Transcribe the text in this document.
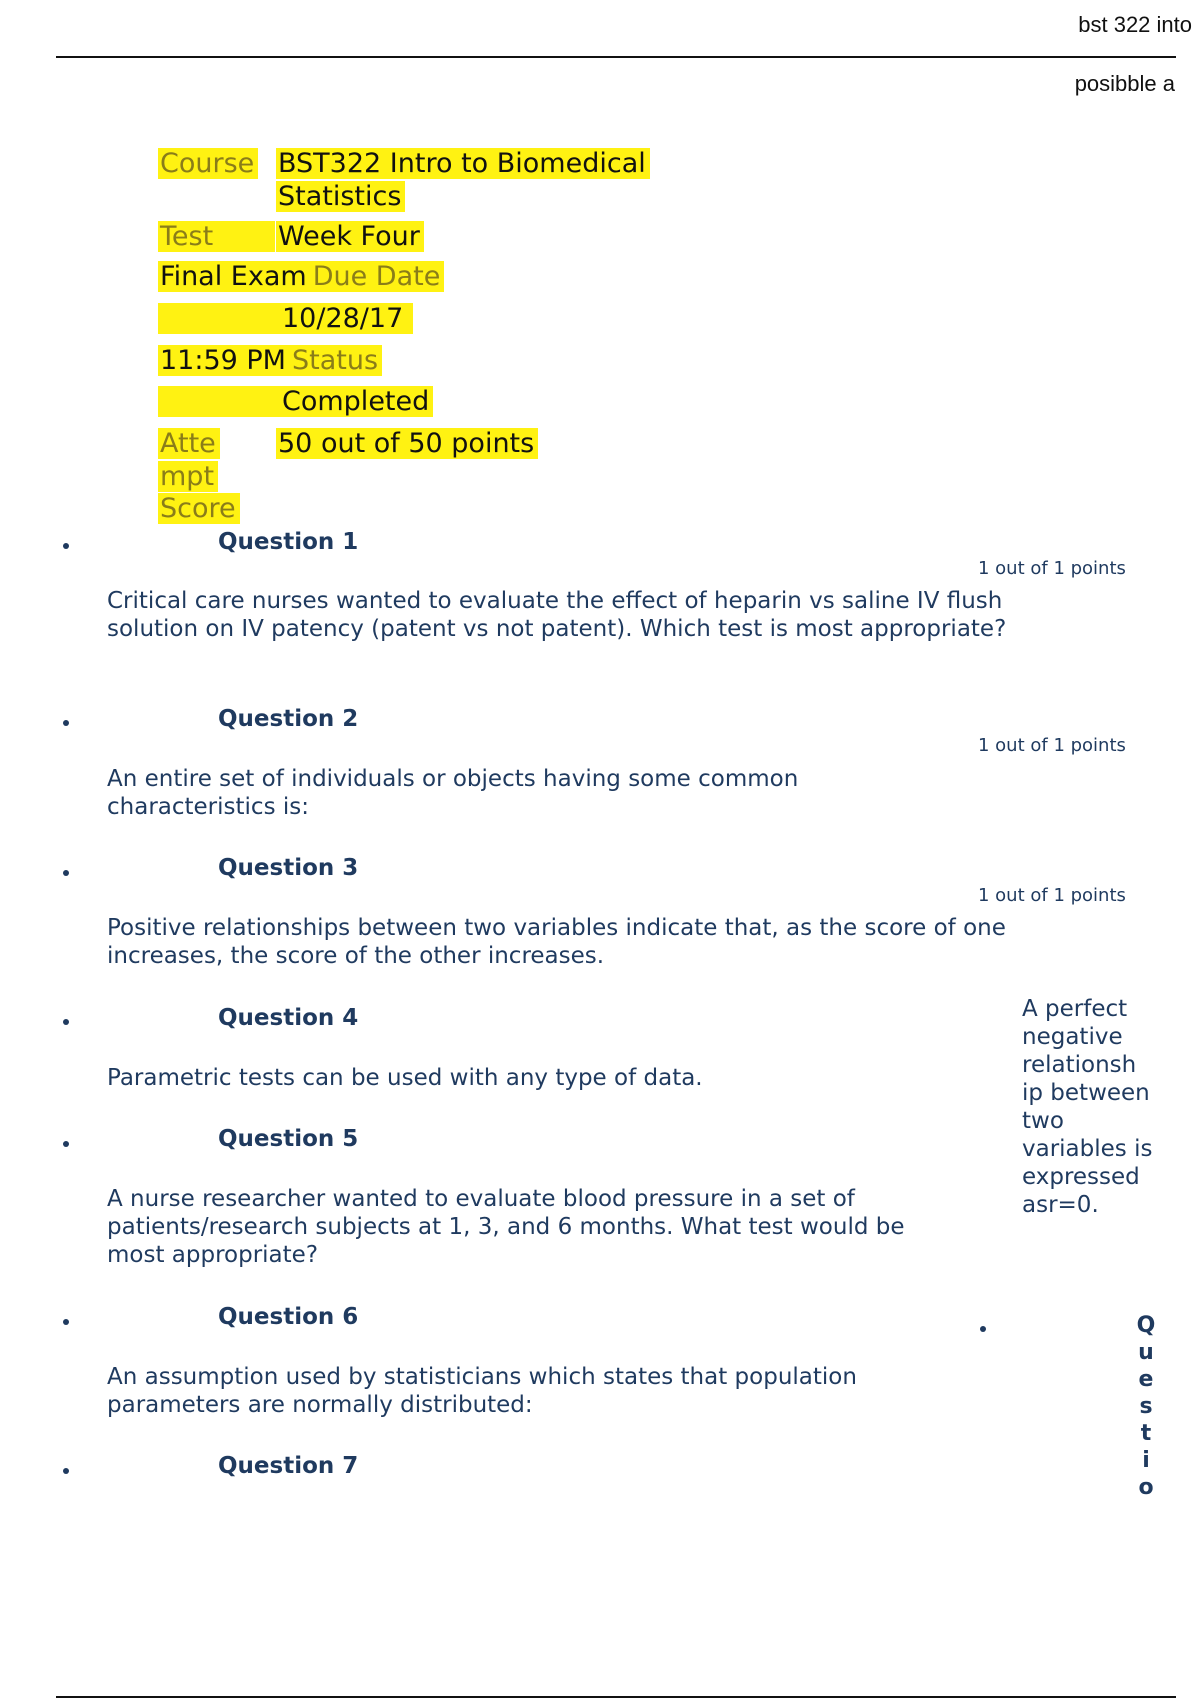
bst 322 into
posibble a
Course BST322 Intro to Biomedical
Statistics
Test	Week Four
Final Exam Due Date
10/28/17
11:59 PM Status
Completed
Atte
mpt
Score
50 out of 50 points
Question 1
1 out of 1 points
Critical care nurses wanted to evaluate the effect of heparin vs saline IV flush solution on IV patency (patent vs not patent). Which test is most appropriate?
Question 2
1 out of 1 points
An entire set of individuals or objects having some common characteristics is:
Question 3
1 out of 1 points
Positive relationships between two variables indicate that, as the score of one increases, the score of the other increases.
Question 4
Parametric tests can be used with any type of data.
Question 5
A nurse researcher wanted to evaluate blood pressure in a set of patients/research subjects at 1, 3, and 6 months. What test would be most appropriate?
Question 6
An assumption used by statisticians which states that population parameters are normally distributed:
Question 7
A perfect negative relationsh ip between two variables is expressed asr=0.
Q
u
e
s
t
i
o
